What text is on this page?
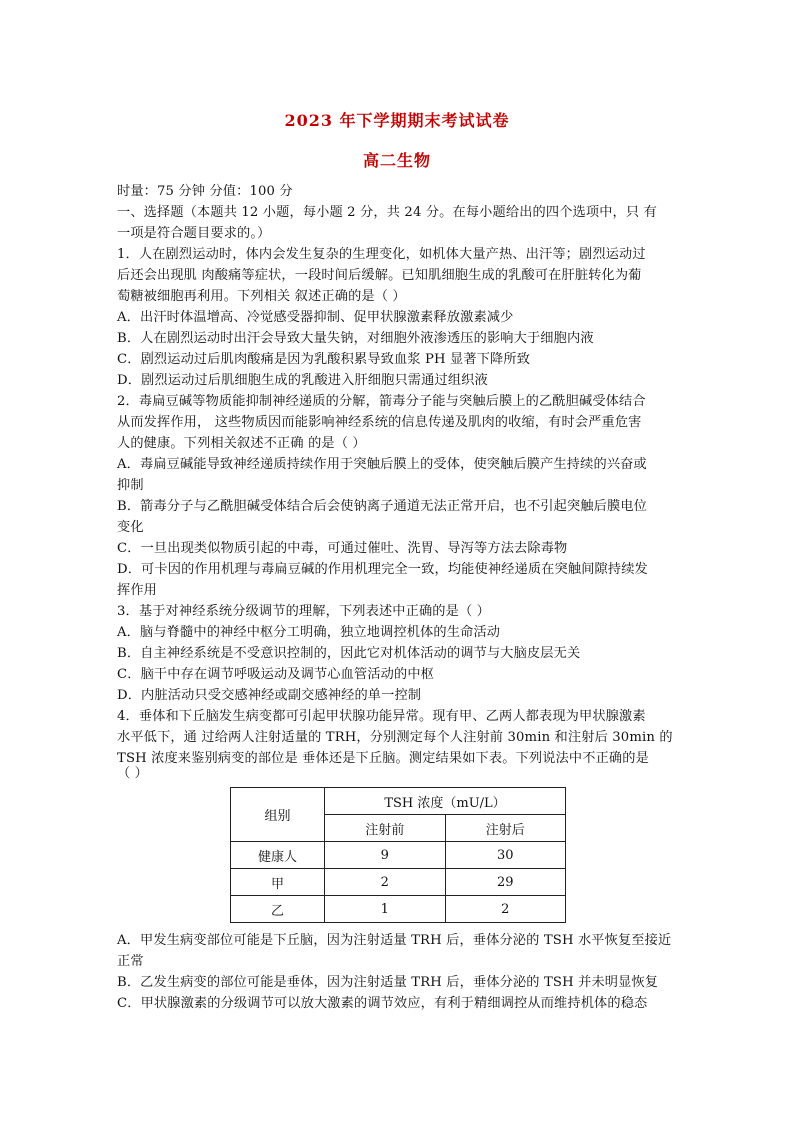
2023 年下学期期末考试试卷
高二生物
时量：75 分钟 分值：100 分
一、选择题（本题共 12 小题，每小题 2 分，共 24 分。在每小题给出的四个选项中，只 有
一项是符合题目要求的。）
1．人在剧烈运动时，体内会发生复杂的生理变化，如机体大量产热、出汗等；剧烈运动过
后还会出现肌 肉酸痛等症状，一段时间后缓解。已知肌细胞生成的乳酸可在肝脏转化为葡
萄糖被细胞再利用。下列相关 叙述正确的是（ ）
A．出汗时体温增高、冷觉感受器抑制、促甲状腺激素释放激素减少
B．人在剧烈运动时出汗会导致大量失钠，对细胞外液渗透压的影响大于细胞内液
C．剧烈运动过后肌肉酸痛是因为乳酸积累导致血浆 PH 显著下降所致
D．剧烈运动过后肌细胞生成的乳酸进入肝细胞只需通过组织液
2．毒扁豆碱等物质能抑制神经递质的分解，箭毒分子能与突触后膜上的乙酰胆碱受体结合
从而发挥作用， 这些物质因而能影响神经系统的信息传递及肌肉的收缩，有时会严重危害
人的健康。下列相关叙述不正确 的是（ ）
A．毒扁豆碱能导致神经递质持续作用于突触后膜上的受体，使突触后膜产生持续的兴奋或
抑制
B．箭毒分子与乙酰胆碱受体结合后会使钠离子通道无法正常开启，也不引起突触后膜电位
变化
C．一旦出现类似物质引起的中毒，可通过催吐、洗胃、导泻等方法去除毒物
D．可卡因的作用机理与毒扁豆碱的作用机理完全一致，均能使神经递质在突触间隙持续发
挥作用
3．基于对神经系统分级调节的理解，下列表述中正确的是（ ）
A．脑与脊髓中的神经中枢分工明确，独立地调控机体的生命活动
B．自主神经系统是不受意识控制的，因此它对机体活动的调节与大脑皮层无关
C．脑干中存在调节呼吸运动及调节心血管活动的中枢
D．内脏活动只受交感神经或副交感神经的单一控制
4．垂体和下丘脑发生病变都可引起甲状腺功能异常。现有甲、乙两人都表现为甲状腺激素
水平低下，通 过给两人注射适量的 TRH，分别测定每个人注射前 30min 和注射后 30min 的
TSH 浓度来鉴别病变的部位是 垂体还是下丘脑。测定结果如下表。下列说法中不正确的是
（ ）
组别	TSH 浓度（mU/L）	
	注射前	注射后
健康人	9	30
甲	2	29
乙	1	2
A．甲发生病变部位可能是下丘脑，因为注射适量 TRH 后，垂体分泌的 TSH 水平恢复至接近
正常
B．乙发生病变的部位可能是垂体，因为注射适量 TRH 后，垂体分泌的 TSH 并未明显恢复
C．甲状腺激素的分级调节可以放大激素的调节效应，有利于精细调控从而维持机体的稳态
